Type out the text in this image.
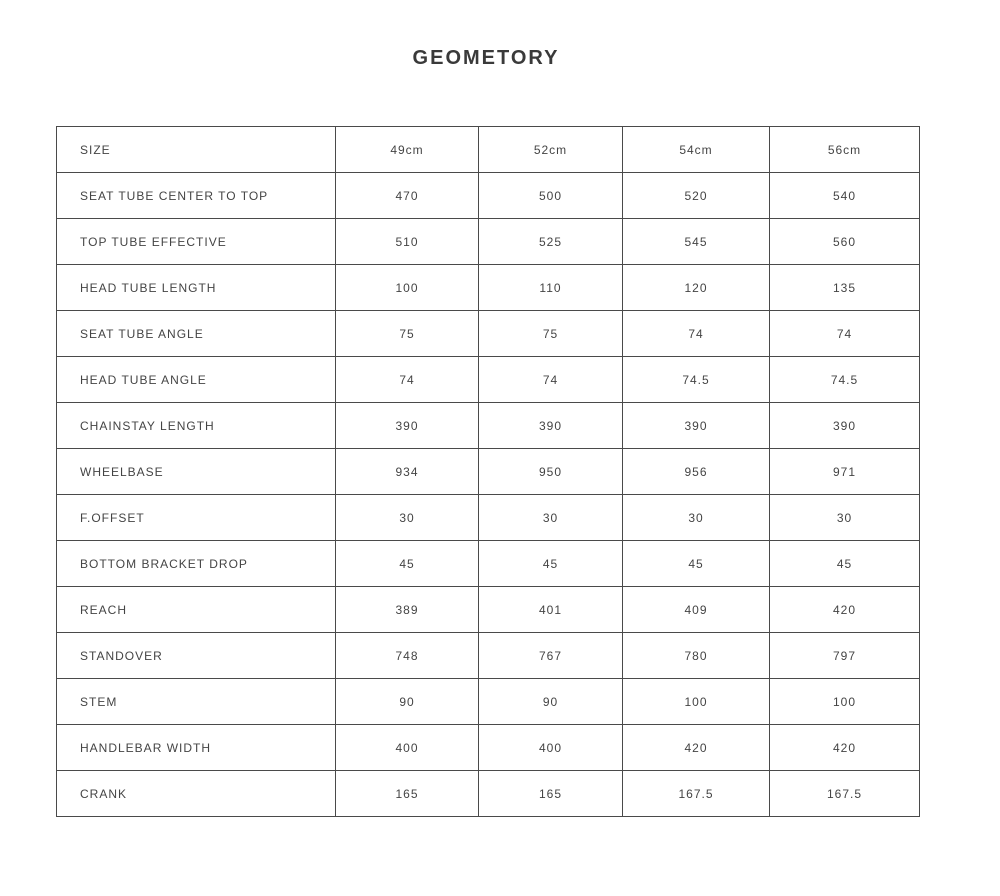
GEOMETORY
SIZE	49cm	52cm	54cm	56cm
SEAT TUBE CENTER TO TOP	470	500	520	540
TOP TUBE EFFECTIVE	510	525	545	560
HEAD TUBE LENGTH	100	110	120	135
SEAT TUBE ANGLE	75	75	74	74
HEAD TUBE ANGLE	74	74	74.5	74.5
CHAINSTAY LENGTH	390	390	390	390
WHEELBASE	934	950	956	971
F.OFFSET	30	30	30	30
BOTTOM BRACKET DROP	45	45	45	45
REACH	389	401	409	420
STANDOVER	748	767	780	797
STEM	90	90	100	100
HANDLEBAR WIDTH	400	400	420	420
CRANK	165	165	167.5	167.5
